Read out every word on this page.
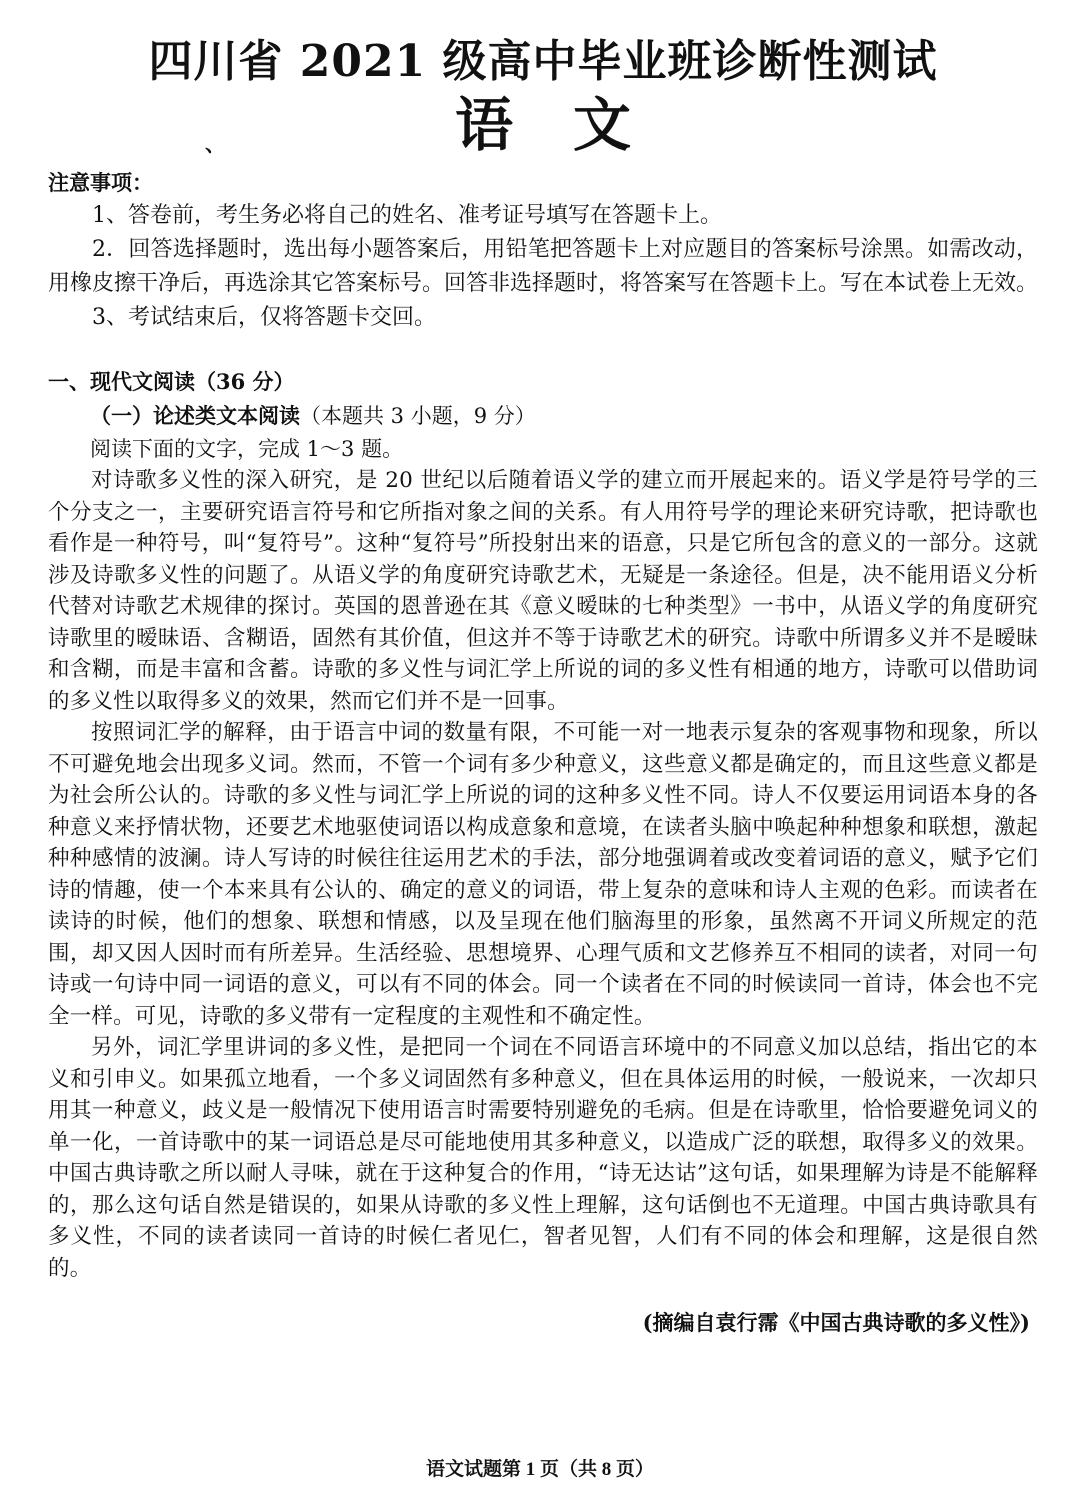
四川省 2021 级高中毕业班诊断性测试
语文
、

注意事项：

1、答卷前，考生务必将自己的姓名、准考证号填写在答题卡上。

2．回答选择题时，选出每小题答案后，用铅笔把答题卡上对应题目的答案标号涂黑。如需改动，用橡皮擦干净后，再选涂其它答案标号。回答非选择题时，将答案写在答题卡上。写在本试卷上无效。

3、考试结束后，仅将答题卡交回。

一、现代文阅读（36 分）

（一）论述类文本阅读（本题共 3 小题，9 分）

阅读下面的文字，完成 1～3 题。

对诗歌多义性的深入研究，是 20 世纪以后随着语义学的建立而开展起来的。语义学是符号学的三个分支之一，主要研究语言符号和它所指对象之间的关系。有人用符号学的理论来研究诗歌，把诗歌也看作是一种符号，叫“复符号”。这种“复符号”所投射出来的语意，只是它所包含的意义的一部分。这就涉及诗歌多义性的问题了。从语义学的角度研究诗歌艺术，无疑是一条途径。但是，决不能用语义分析代替对诗歌艺术规律的探讨。英国的恩普逊在其《意义暧昧的七种类型》一书中，从语义学的角度研究诗歌里的暧昧语、含糊语，固然有其价值，但这并不等于诗歌艺术的研究。诗歌中所谓多义并不是暧昧和含糊，而是丰富和含蓄。诗歌的多义性与词汇学上所说的词的多义性有相通的地方，诗歌可以借助词的多义性以取得多义的效果，然而它们并不是一回事。

按照词汇学的解释，由于语言中词的数量有限，不可能一对一地表示复杂的客观事物和现象，所以不可避免地会出现多义词。然而，不管一个词有多少种意义，这些意义都是确定的，而且这些意义都是为社会所公认的。诗歌的多义性与词汇学上所说的词的这种多义性不同。诗人不仅要运用词语本身的各种意义来抒情状物，还要艺术地驱使词语以构成意象和意境，在读者头脑中唤起种种想象和联想，激起种种感情的波澜。诗人写诗的时候往往运用艺术的手法，部分地强调着或改变着词语的意义，赋予它们诗的情趣，使一个本来具有公认的、确定的意义的词语，带上复杂的意味和诗人主观的色彩。而读者在读诗的时候，他们的想象、联想和情感，以及呈现在他们脑海里的形象，虽然离不开词义所规定的范围，却又因人因时而有所差异。生活经验、思想境界、心理气质和文艺修养互不相同的读者，对同一句诗或一句诗中同一词语的意义，可以有不同的体会。同一个读者在不同的时候读同一首诗，体会也不完全一样。可见，诗歌的多义带有一定程度的主观性和不确定性。

另外，词汇学里讲词的多义性，是把同一个词在不同语言环境中的不同意义加以总结，指出它的本义和引申义。如果孤立地看，一个多义词固然有多种意义，但在具体运用的时候，一般说来，一次却只用其一种意义，歧义是一般情况下使用语言时需要特别避免的毛病。但是在诗歌里，恰恰要避免词义的单一化，一首诗歌中的某一词语总是尽可能地使用其多种意义，以造成广泛的联想，取得多义的效果。中国古典诗歌之所以耐人寻味，就在于这种复合的作用，“诗无达诂”这句话，如果理解为诗是不能解释的，那么这句话自然是错误的，如果从诗歌的多义性上理解，这句话倒也不无道理。中国古典诗歌具有多义性，不同的读者读同一首诗的时候仁者见仁，智者见智，人们有不同的体会和理解，这是很自然的。

(摘编自袁行霈《中国古典诗歌的多义性》)

语文试题第 1 页（共 8 页）
